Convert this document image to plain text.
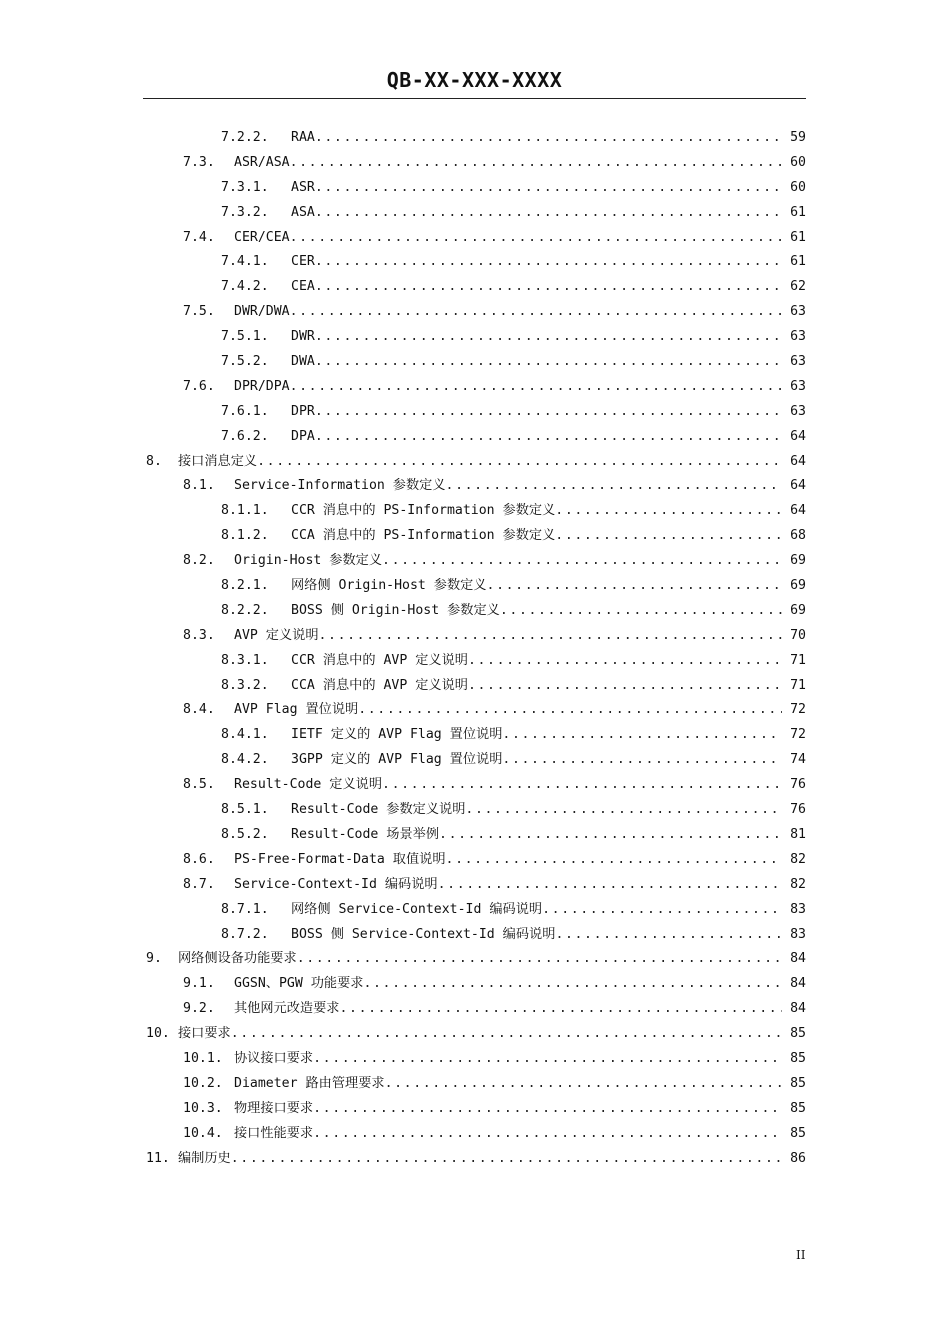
QB-XX-XXX-XXXX
7.2.2. RAA .....	59
7.3. ASR/ASA .....	60
7.3.1. ASR .....	60
7.3.2. ASA .....	61
7.4. CER/CEA .....	61
7.4.1. CER .....	61
7.4.2. CEA .....	62
7.5. DWR/DWA .....	63
7.5.1. DWR .....	63
7.5.2. DWA .....	63
7.6. DPR/DPA .....	63
7.6.1. DPR .....	63
7.6.2. DPA .....	64
8. 接口消息定义 .....	64
8.1. Service-Information 参数定义 .....	64
8.1.1. CCR 消息中的 PS-Information 参数定义 .....	64
8.1.2. CCA 消息中的 PS-Information 参数定义 .....	68
8.2. Origin-Host 参数定义 .....	69
8.2.1. 网络侧 Origin-Host 参数定义 .....	69
8.2.2. BOSS 侧 Origin-Host 参数定义 .....	69
8.3. AVP 定义说明 .....	70
8.3.1. CCR 消息中的 AVP 定义说明 .....	71
8.3.2. CCA 消息中的 AVP 定义说明 .....	71
8.4. AVP Flag 置位说明 .....	72
8.4.1. IETF 定义的 AVP Flag 置位说明 .....	72
8.4.2. 3GPP 定义的 AVP Flag 置位说明 .....	74
8.5. Result-Code 定义说明 .....	76
8.5.1. Result-Code 参数定义说明 .....	76
8.5.2. Result-Code 场景举例 .....	81
8.6. PS-Free-Format-Data 取值说明 .....	82
8.7. Service-Context-Id 编码说明 .....	82
8.7.1. 网络侧 Service-Context-Id 编码说明 .....	83
8.7.2. BOSS 侧 Service-Context-Id 编码说明 .....	83
9. 网络侧设备功能要求 .....	84
9.1. GGSN、PGW 功能要求 .....	84
9.2. 其他网元改造要求 .....	84
10. 接口要求 .....	85
10.1. 协议接口要求 .....	85
10.2. Diameter 路由管理要求 .....	85
10.3. 物理接口要求 .....	85
10.4. 接口性能要求 .....	85
11. 编制历史 .....	86
II
